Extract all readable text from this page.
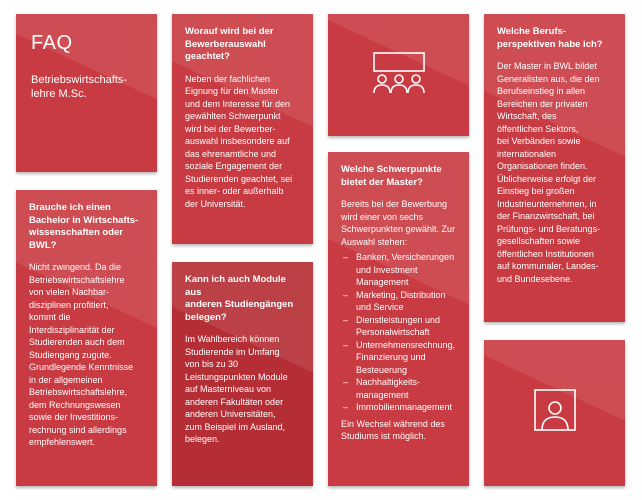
FAQ
Betriebswirtschafts-
lehre M.Sc.
Brauche ich einen
Bachelor in Wirtschafts-
wissenschaften oder BWL?
Nicht zwingend. Da die
Betriebswirtschaftslehre
von vielen Nachbar-
disziplinen profitiert,
kommt die
Interdisziplinarität der
Studierenden auch dem
Studiengang zugute.
Grundlegende Kenntnisse
in der allgemeinen
Betriebswirtschaftslehre,
dem Rechnungswesen
sowie der Investitions-
rechnung sind allerdings
empfehlenswert.
Worauf wird bei der
Bewerberauswahl
geachtet?
Neben der fachlichen
Eignung für den Master
und dem Interesse für den
gewählten Schwerpunkt
wird bei der Bewerber-
auswahl insbesondere auf
das ehrenamtliche und
soziale Engagement der
Studierenden geachtet, sei
es inner- oder außerhalb
der Universität.
Kann ich auch Module aus
anderen Studiengängen
belegen?
Im Wahlbereich können
Studierende im Umfang
von bis zu 30
Leistungspunkten Module
auf Masterniveau von
anderen Fakultäten oder
anderen Universitäten,
zum Beispiel im Ausland,
belegen.
Welche Schwerpunkte
bietet der Master?
Bereits bei der Bewerbung
wird einer von sechs
Schwerpunkten gewählt. Zur
Auswahl stehen:
– Banken, Versicherungen
und Investment
Management
– Marketing, Distribution
und Service
– Dienstleistungen und
Personalwirtschaft
– Unternehmensrechnung,
Finanzierung und
Besteuerung
– Nachhaltigkeits-
management
– Immobilienmanagement
Ein Wechsel während des
Studiums ist möglich.
Welche Berufs-
perspektiven habe ich?
Der Master in BWL bildet
Generalisten aus, die den
Berufseinstieg in allen
Bereichen der privaten
Wirtschaft, des
öffentlichen Sektors,
bei Verbänden sowie
internationalen
Organisationen finden.
Üblicherweise erfolgt der
Einstieg bei großen
Industrieunternehmen, in
der Finanzwirtschaft, bei
Prüfungs- und Beratungs-
gesellschaften sowie
öffentlichen Institutionen
auf kommunaler, Landes-
und Bundesebene.
